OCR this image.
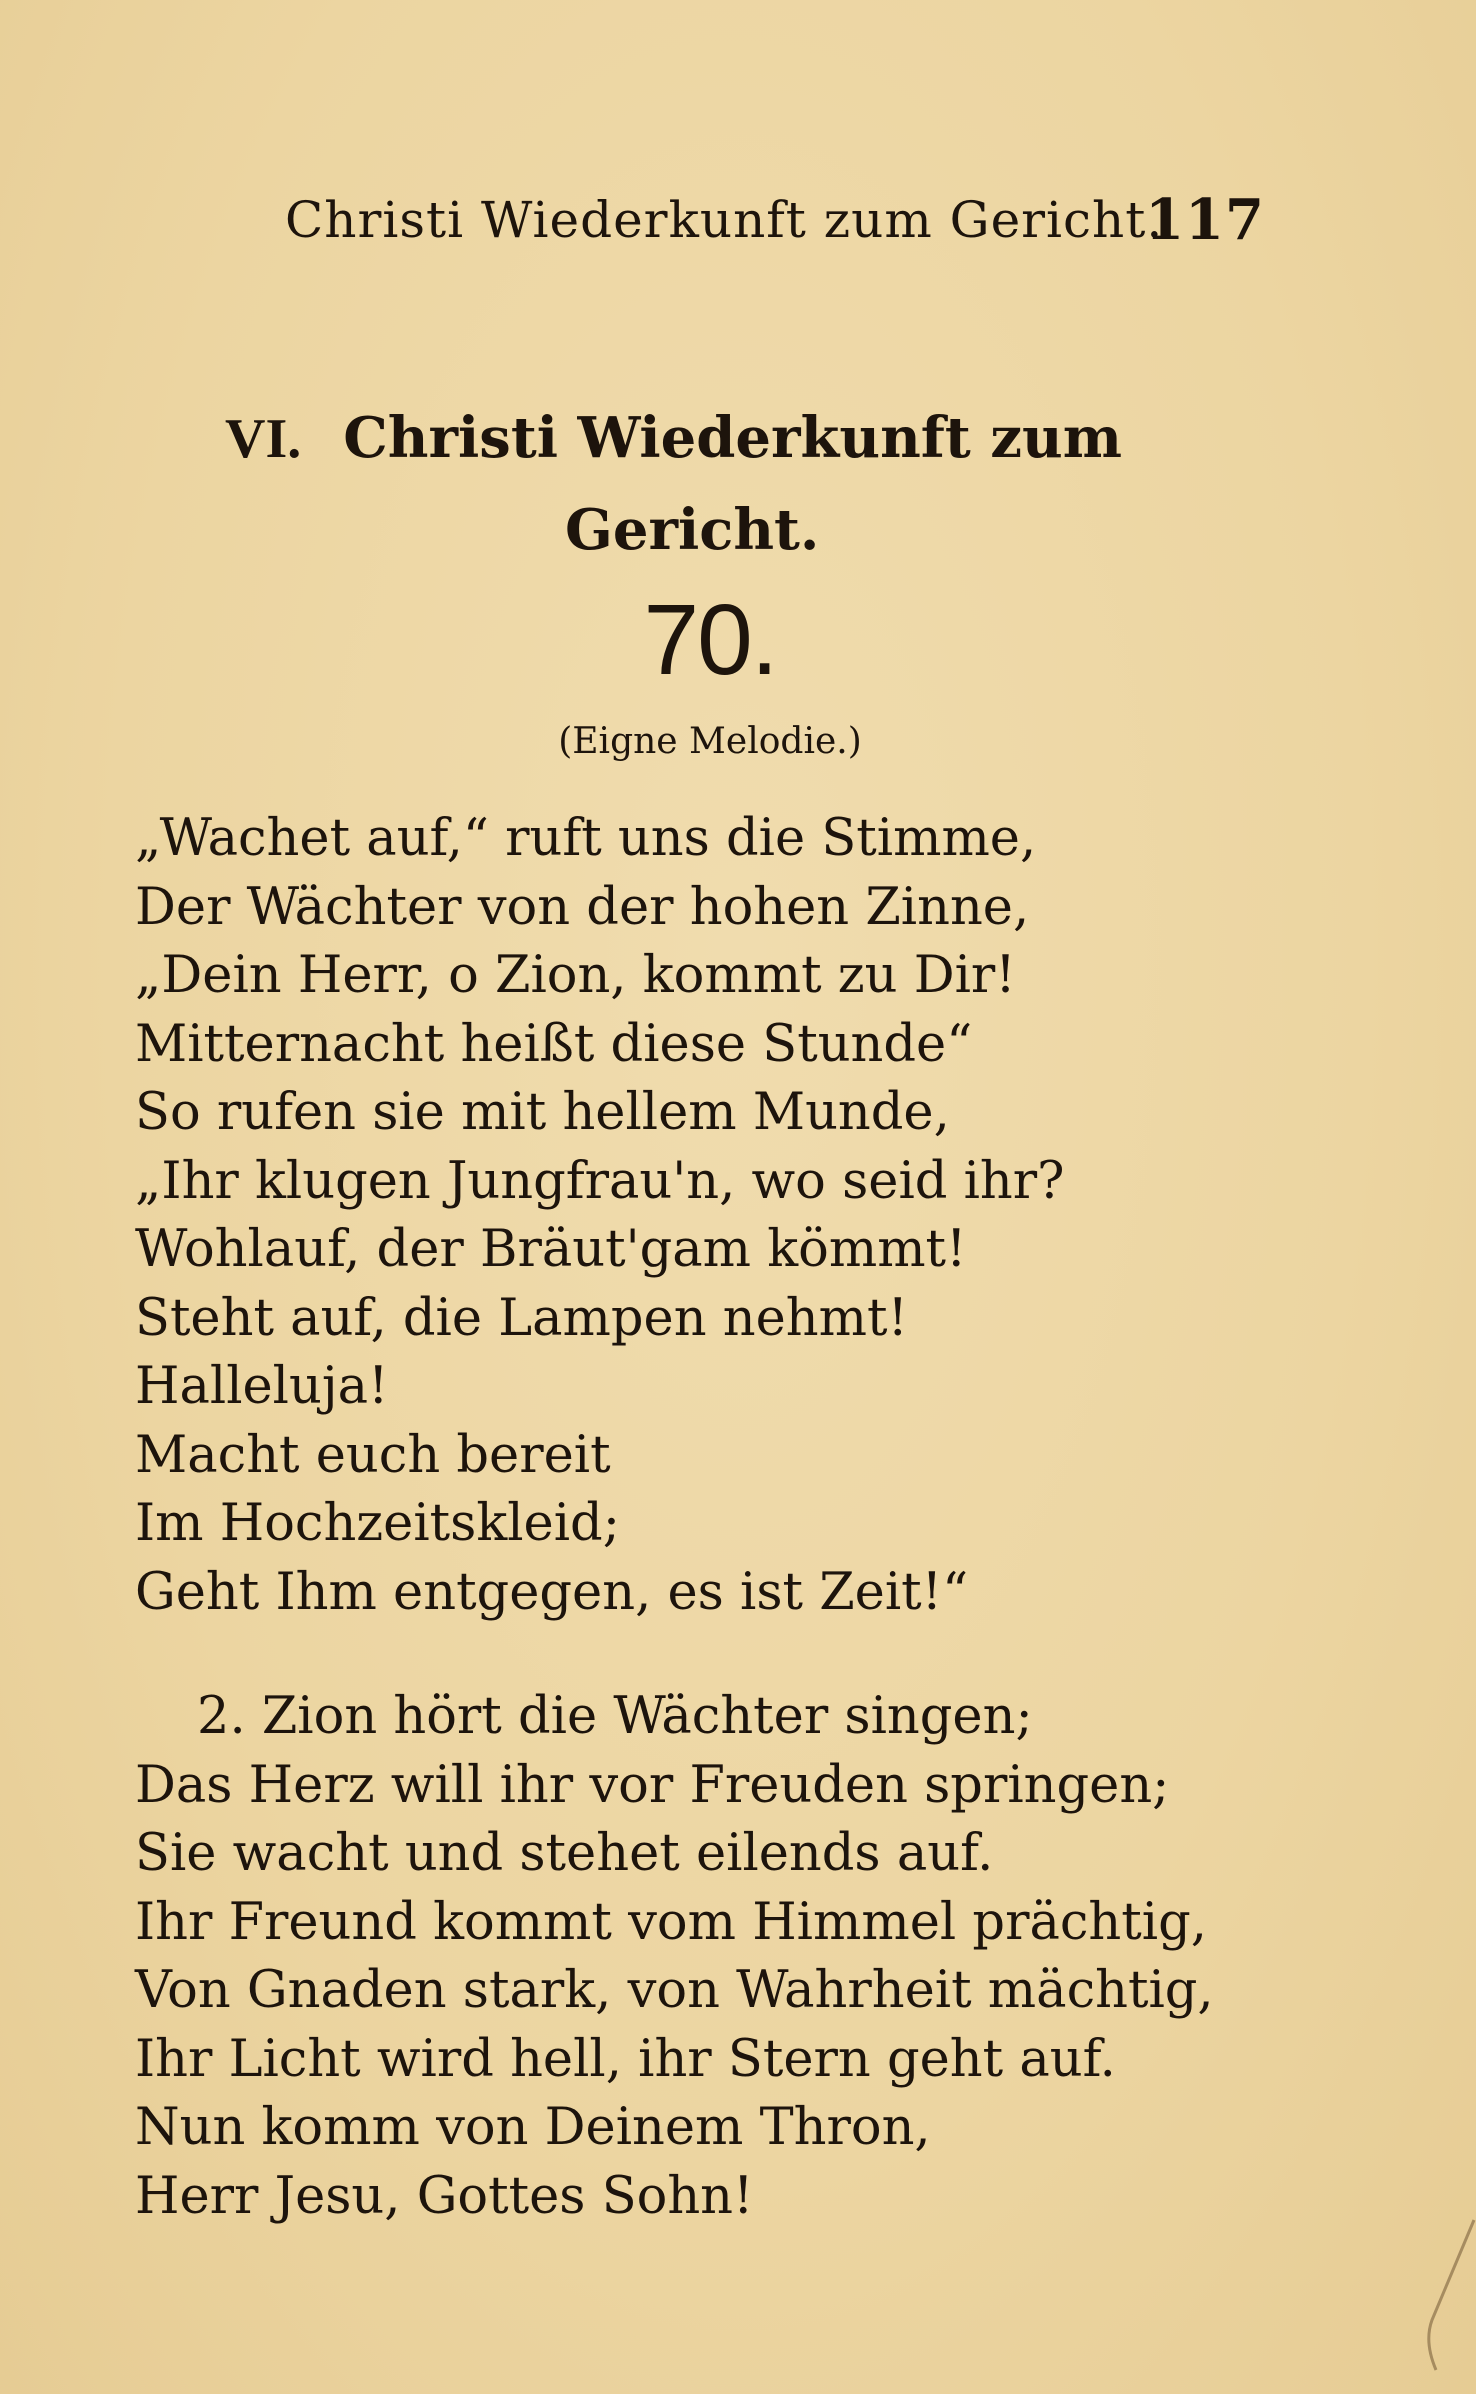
Christi Wiederkunft zum Gericht.
117
VI. Christi Wiederkunft zum
Gericht.
70.
(Eigne Melodie.)
„Wachet auf,“ ruft uns die Stimme,
Der Wächter von der hohen Zinne,
„Dein Herr, o Zion, kommt zu Dir!
Mitternacht heißt diese Stunde“
So rufen sie mit hellem Munde,
„Ihr klugen Jungfrau'n, wo seid ihr?
Wohlauf, der Bräut'gam kömmt!
Steht auf, die Lampen nehmt!
Halleluja!
Macht euch bereit
Im Hochzeitskleid;
Geht Ihm entgegen, es ist Zeit!“
2. Zion hört die Wächter singen;
Das Herz will ihr vor Freuden springen;
Sie wacht und stehet eilends auf.
Ihr Freund kommt vom Himmel prächtig,
Von Gnaden stark, von Wahrheit mächtig,
Ihr Licht wird hell, ihr Stern geht auf.
Nun komm von Deinem Thron,
Herr Jesu, Gottes Sohn!
